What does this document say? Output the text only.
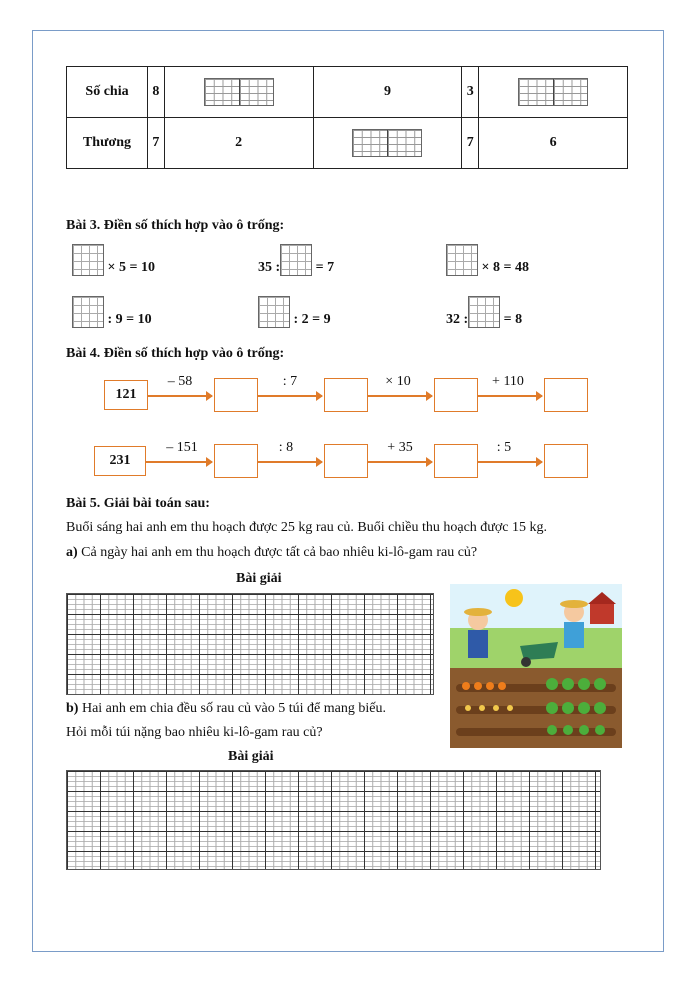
Số chia	8		9	3	

Thương	7	2		7	6
Bài 3. Điền số thích hợp vào ô trống:
× 5 = 10	35 :	= 7	× 8 = 48
: 9 = 10	: 2 = 9	32 :	= 8
Bài 4. Điền số thích hợp vào ô trống:
121
– 58	: 7	× 10	+ 110
231
– 151	: 8	+ 35	: 5
Bài 5. Giải bài toán sau:
Buổi sáng hai anh em thu hoạch được 25 kg rau củ. Buổi chiều thu hoạch được 15 kg.
a) Cả ngày hai anh em thu hoạch được tất cả bao nhiêu ki-lô-gam rau củ?
Bài giải
b) Hai anh em chia đều số rau củ vào 5 túi để mang biếu.
Hỏi mỗi túi nặng bao nhiêu ki-lô-gam rau củ?
Bài giải
